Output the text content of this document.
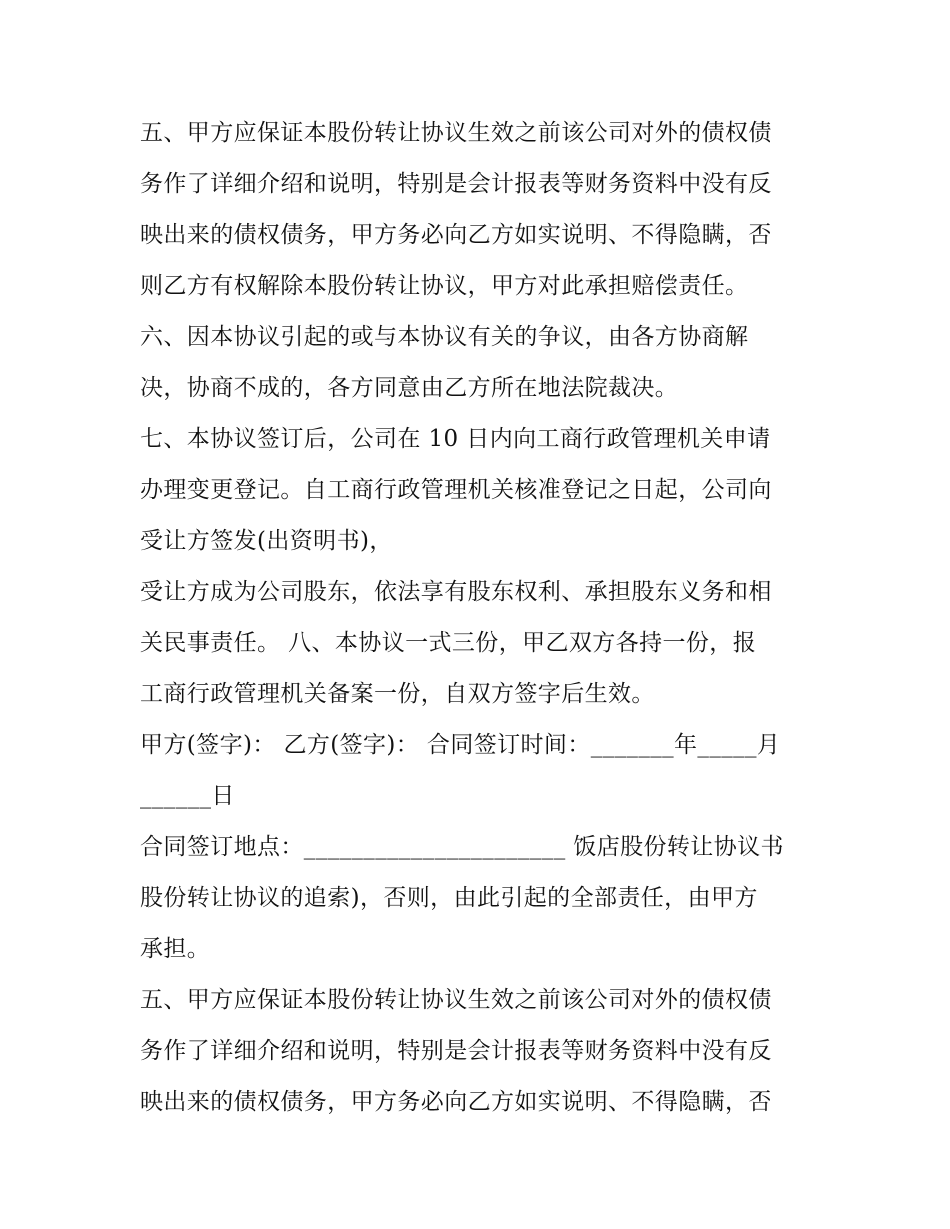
五、甲方应保证本股份转让协议生效之前该公司对外的债权债
务作了详细介绍和说明，特别是会计报表等财务资料中没有反
映出来的债权债务，甲方务必向乙方如实说明、不得隐瞒，否
则乙方有权解除本股份转让协议，甲方对此承担赔偿责任。

六、因本协议引起的或与本协议有关的争议，由各方协商解
决，协商不成的，各方同意由乙方所在地法院裁决。

七、本协议签订后，公司在 10 日内向工商行政管理机关申请
办理变更登记。自工商行政管理机关核准登记之日起，公司向
受让方签发(出资明书)，

受让方成为公司股东，依法享有股东权利、承担股东义务和相
关民事责任。 八、本协议一式三份，甲乙双方各持一份，报
工商行政管理机关备案一份，自双方签字后生效。

甲方(签字)： 乙方(签字)： 合同签订时间：_______年_____月
______日

合同签订地点：______________________ 饭店股份转让协议书
股份转让协议的追索)，否则，由此引起的全部责任，由甲方
承担。

五、甲方应保证本股份转让协议生效之前该公司对外的债权债
务作了详细介绍和说明，特别是会计报表等财务资料中没有反
映出来的债权债务，甲方务必向乙方如实说明、不得隐瞒，否
